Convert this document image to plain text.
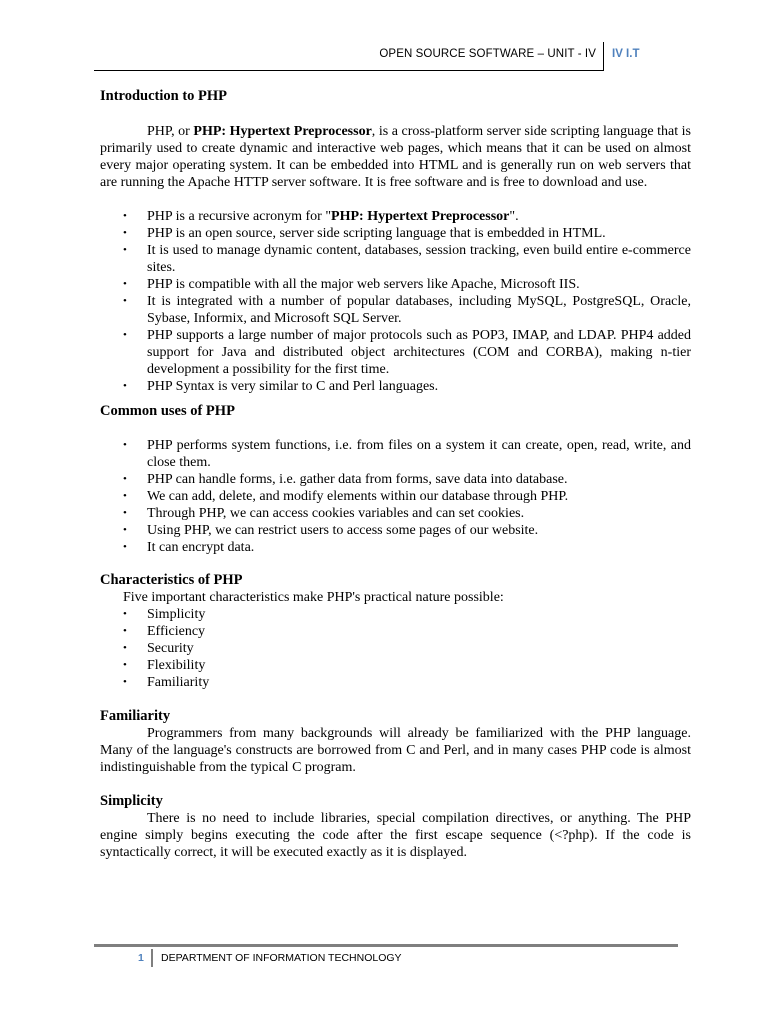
OPEN SOURCE SOFTWARE – UNIT - IV IV I.T
Introduction to PHP

PHP, or PHP: Hypertext Preprocessor, is a cross-platform server side scripting language that is primarily used to create dynamic and interactive web pages, which means that it can be used on almost every major operating system. It can be embedded into HTML and is generally run on web servers that are running the Apache HTTP server software. It is free software and is free to download and use.

• PHP is a recursive acronym for "PHP: Hypertext Preprocessor".
• PHP is an open source, server side scripting language that is embedded in HTML.
• It is used to manage dynamic content, databases, session tracking, even build entire e-commerce sites.
• PHP is compatible with all the major web servers like Apache, Microsoft IIS.
• It is integrated with a number of popular databases, including MySQL, PostgreSQL, Oracle, Sybase, Informix, and Microsoft SQL Server.
• PHP supports a large number of major protocols such as POP3, IMAP, and LDAP. PHP4 added support for Java and distributed object architectures (COM and CORBA), making n-tier development a possibility for the first time.
• PHP Syntax is very similar to C and Perl languages.
Common uses of PHP
• PHP performs system functions, i.e. from files on a system it can create, open, read, write, and close them.
• PHP can handle forms, i.e. gather data from forms, save data into database.
• We can add, delete, and modify elements within our database through PHP.
• Through PHP, we can access cookies variables and can set cookies.
• Using PHP, we can restrict users to access some pages of our website.
• It can encrypt data.
Characteristics of PHP

Five important characteristics make PHP's practical nature possible:

• Simplicity
• Efficiency
• Security
• Flexibility
• Familiarity
Familiarity

Programmers from many backgrounds will already be familiarized with the PHP language. Many of the language's constructs are borrowed from C and Perl, and in many cases PHP code is almost indistinguishable from the typical C program.

Simplicity

There is no need to include libraries, special compilation directives, or anything. The PHP engine simply begins executing the code after the first escape sequence (<?php). If the code is syntactically correct, it will be executed exactly as it is displayed.

1 DEPARTMENT OF INFORMATION TECHNOLOGY
